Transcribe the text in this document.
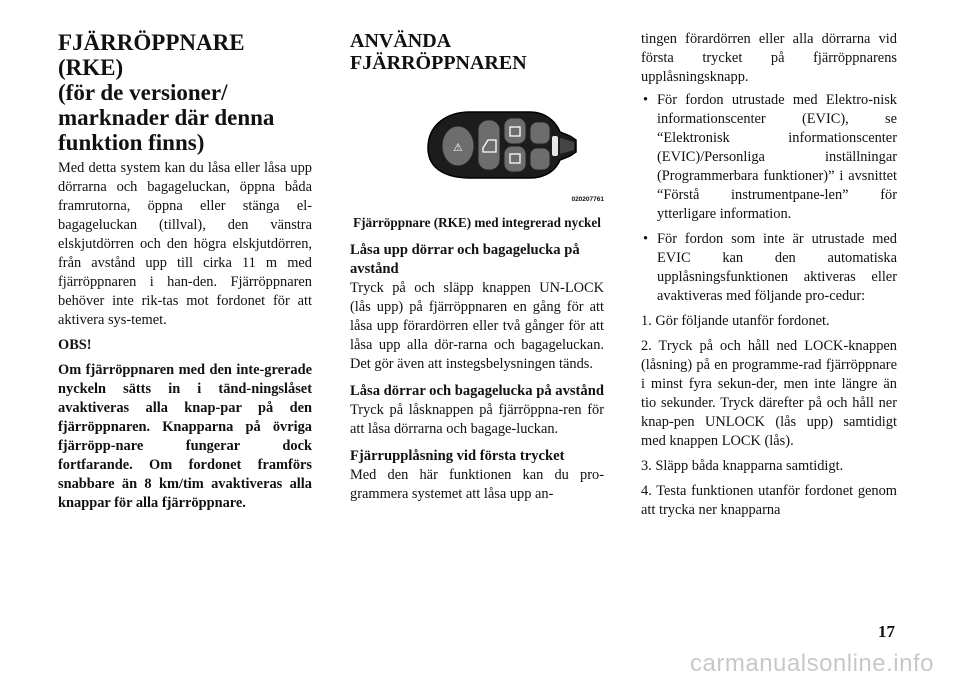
FJÄRRÖPPNARE (RKE)
(för de versioner/
marknader där denna
funktion finns)

Med detta system kan du låsa eller låsa upp dörrarna och bagageluckan, öppna båda framrutorna, öppna eller stänga el-bagageluckan (tillval), den vänstra elskjutdörren och den högra elskjutdörren, från avstånd upp till cirka 11 m med fjärröppnaren i han-den. Fjärröppnaren behöver inte rik-tas mot fordonet för att aktivera sys-temet.

OBS!

Om fjärröppnaren med den inte-grerade nyckeln sätts in i tänd-ningslåset avaktiveras alla knap-par på den fjärröppnaren. Knapparna på övriga fjärröpp-nare fungerar dock fortfarande. Om fordonet framförs snabbare än 8 km/tim avaktiveras alla knappar för alla fjärröppnare.

ANVÄNDA
FJÄRRÖPPNAREN
⚠
020207761
Fjärröppnare (RKE) med integrerad nyckel
Låsa upp dörrar och bagagelucka på avstånd

Tryck på och släpp knappen UN-LOCK (lås upp) på fjärröppnaren en gång för att låsa upp förardörren eller två gånger för att låsa upp alla dör-rarna och bagageluckan. Det gör även att instegsbelysningen tänds.

Låsa dörrar och bagagelucka på avstånd

Tryck på låsknappen på fjärröppna-ren för att låsa dörrarna och bagage-luckan.

Fjärrupplåsning vid första trycket

Med den här funktionen kan du pro-grammera systemet att låsa upp an-

tingen förardörren eller alla dörrarna vid första trycket på fjärröppnarens upplåsningsknapp.

• För fordon utrustade med Elektro-nisk informationscenter (EVIC), se “Elektronisk informationscenter (EVIC)/Personliga inställningar (Programmerbara funktioner)” i avsnittet “Förstå instrumentpane-len” för ytterligare information.
• För fordon som inte är utrustade med EVIC kan den automatiska upplåsningsfunktionen aktiveras eller avaktiveras med följande pro-cedur:

1. Gör följande utanför fordonet.

2. Tryck på och håll ned LOCK-knappen (låsning) på en programme-rad fjärröppnare i minst fyra sekun-der, men inte längre än tio sekunder. Tryck därefter på och håll ner knap-pen UNLOCK (lås upp) samtidigt med knappen LOCK (lås).

3. Släpp båda knapparna samtidigt.

4. Testa funktionen utanför fordonet genom att trycka ner knapparna

17
carmanualsonline.info
